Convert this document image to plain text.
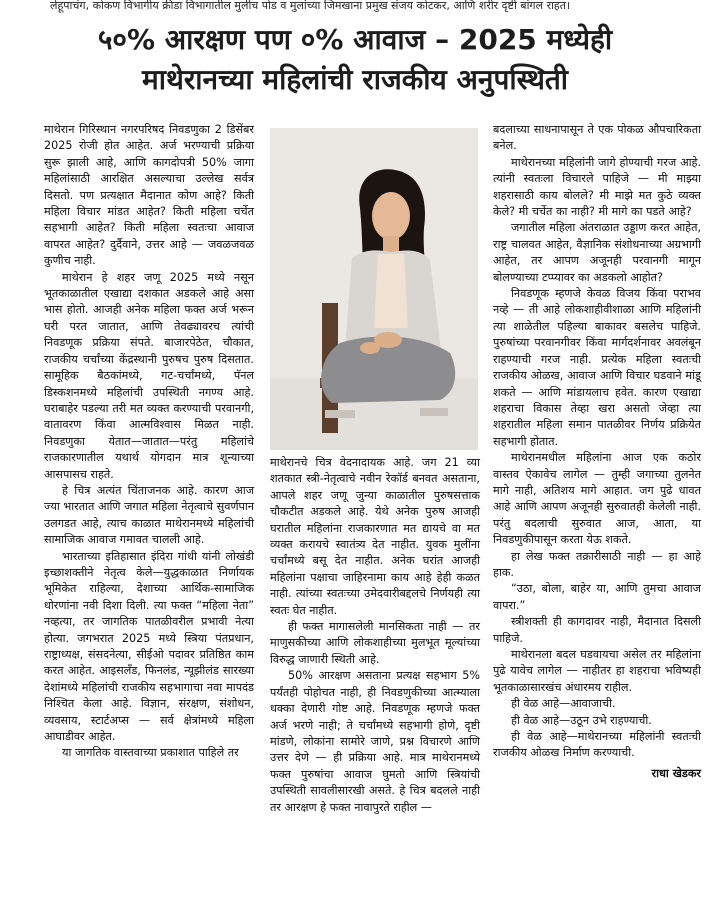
लेहूपाचंग, कोकण विभागीय क्रीडा विभागातील मुलीच पोड व मुलांच्या जिमखाना प्रमुख संजय कोटकर, आणि शरीर दृष्टी बांगल राहत।
५०% आरक्षण पण ०% आवाज – 2025 मध्येही
माथेरानच्या महिलांची राजकीय अनुपस्थिती

माथेरान गिरिस्थान नगरपरिषद निवडणुका 2 डिसेंबर 2025 रोजी होत आहेत. अर्ज भरण्याची प्रक्रिया सुरू झाली आहे, आणि कागदोपत्री 50% जागा महिलांसाठी आरक्षित असल्याचा उल्लेख सर्वत्र दिसतो. पण प्रत्यक्षात मैदानात कोण आहे? किती महिला विचार मांडत आहेत? किती महिला चर्चेत सहभागी आहेत? किती महिला स्वतःचा आवाज वापरत आहेत? दुर्दैवाने, उत्तर आहे — जवळजवळ कुणीच नाही.

माथेरान हे शहर जणू 2025 मध्ये नसून भूतकाळातील एखाद्या दशकात अडकले आहे असा भास होतो. आजही अनेक महिला फक्त अर्ज भरून घरी परत जातात, आणि तेवढ्यावरच त्यांची निवडणूक प्रक्रिया संपते. बाजारपेठेत, चौकात, राजकीय चर्चांच्या केंद्रस्थानी पुरुषच पुरुष दिसतात. सामूहिक बैठकांमध्ये, गट-चर्चांमध्ये, पॅनल डिस्कशनमध्ये महिलांची उपस्थिती नगण्य आहे. घराबाहेर पडल्या तरी मत व्यक्त करण्याची परवानगी, वातावरण किंवा आत्मविश्वास मिळत नाही. निवडणुका येतात—जातात—परंतु महिलांचे राजकारणातील यथार्थ योगदान मात्र शून्याच्या आसपासच राहते.

हे चित्र अत्यंत चिंताजनक आहे. कारण आज ज्या भारतात आणि जगात महिला नेतृत्वाचे सुवर्णपान उलगडत आहे, त्याच काळात माथेरानमध्ये महिलांची सामाजिक आवाज गमावत चालली आहे.

भारताच्या इतिहासात इंदिरा गांधी यांनी लोखंडी इच्छाशक्तीने नेतृत्व केले—युद्धकाळात निर्णायक भूमिकेत राहिल्या, देशाच्या आर्थिक-सामाजिक धोरणांना नवी दिशा दिली. त्या फक्त “महिला नेता” नव्हत्या, तर जागतिक पातळीवरील प्रभावी नेत्या होत्या. जगभरात 2025 मध्ये स्त्रिया पंतप्रधान, राष्ट्राध्यक्ष, संसदनेत्या, सीईओ पदावर प्रतिष्ठित काम करत आहेत. आइसलँड, फिनलंड, न्यूझीलंड सारख्या देशांमध्ये महिलांची राजकीय सहभागाचा नवा मापदंड निश्चित केला आहे. विज्ञान, संरक्षण, संशोधन, व्यवसाय, स्टार्टअप्स — सर्व क्षेत्रांमध्ये महिला आघाडीवर आहेत.

या जागतिक वास्तवाच्या प्रकाशात पाहिले तर

माथेरानचे चित्र वेदनादायक आहे. जग 21 व्या शतकात स्त्री-नेतृत्वाचे नवीन रेकॉर्ड बनवत असताना, आपले शहर जणू जुन्या काळातील पुरुषसत्ताक चौकटीत अडकले आहे. येथे अनेक पुरुष आजही घरातील महिलांना राजकारणात मत द्यायचे वा मत व्यक्त करायचे स्वातंत्र्य देत नाहीत. युवक मुलींना चर्चांमध्ये बसू देत नाहीत. अनेक घरांत आजही महिलांना पक्षाचा जाहिरनामा काय आहे हेही कळत नाही. त्यांच्या स्वतःच्या उमेदवारीबद्दलचे निर्णयही त्या स्वतः घेत नाहीत.

ही फक्त मागासलेली मानसिकता नाही — तर माणुसकीच्या आणि लोकशाहीच्या मुलभूत मूल्यांच्या विरुद्ध जाणारी स्थिती आहे.

50% आरक्षण असताना प्रत्यक्ष सहभाग 5% पर्यंतही पोहोचत नाही, ही निवडणुकीच्या आत्म्याला धक्का देणारी गोष्ट आहे. निवडणूक म्हणजे फक्त अर्ज भरणे नाही; ते चर्चांमध्ये सहभागी होणे, दृष्टी मांडणे, लोकांना सामोरे जाणे, प्रश्न विचारणे आणि उत्तर देणे — ही प्रक्रिया आहे. मात्र माथेरानमध्ये फक्त पुरुषांचा आवाज घुमतो आणि स्त्रियांची उपस्थिती सावलीसारखी असते. हे चित्र बदलले नाही तर आरक्षण हे फक्त नावापुरते राहील —

बदलाच्या साधनापासून ते एक पोकळ औपचारिकता बनेल.

माथेरानच्या महिलांनी जागे होण्याची गरज आहे. त्यांनी स्वतःला विचारले पाहिजे — मी माझ्या शहरासाठी काय बोलले? मी माझे मत कुठे व्यक्त केले? मी चर्चेत का नाही? मी मागे का पडते आहे?

जगातील महिला अंतराळात उड्डाण करत आहेत, राष्ट्र चालवत आहेत, वैज्ञानिक संशोधनाच्या अग्रभागी आहेत, तर आपण अजूनही परवानगी मागून बोलण्याच्या टप्प्यावर का अडकलो आहोत?

निवडणूक म्हणजे केवळ विजय किंवा पराभव नव्हे — ती आहे लोकशाहीवीशाळा आणि महिलांनी त्या शाळेतील पहिल्या बाकावर बसलेच पाहिजे. पुरुषांच्या परवानगीवर किंवा मार्गदर्शनावर अवलंबून राहण्याची गरज नाही. प्रत्येक महिला स्वतःची राजकीय ओळख, आवाज आणि विचार घडवाने मांडू शकते — आणि मांडायलाच हवेत. कारण एखाद्या शहराचा विकास तेव्हा खरा असतो जेव्हा त्या शहरातील महिला समान पातळीवर निर्णय प्रक्रियेत सहभागी होतात.

माथेरानमधील महिलांना आज एक कठोर वास्तव ऐकावेच लागेल — तुम्ही जगाच्या तुलनेत मागे नाही, अतिशय मागे आहात. जग पुढे धावत आहे आणि आपण अजूनही सुरुवातही केलेली नाही. परंतु बदलाची सुरुवात आज, आता, या निवडणुकीपासून करता येऊ शकते.

हा लेख फक्त तक्रारीसाठी नाही — हा आहे हाक.

“उठा, बोला, बाहेर या, आणि तुमचा आवाज वापरा.”

स्त्रीशक्ती ही कागदावर नाही, मैदानात दिसली पाहिजे.

माथेरानला बदल घडवायचा असेल तर महिलांना पुढे यावेच लागेल — नाहीतर हा शहराचा भविष्यही भूतकाळासारखंच अंधारमय राहील.

ही वेळ आहे—आवाजाची.

ही वेळ आहे—उठून उभे राहण्याची.

ही वेळ आहे—माथेरानच्या महिलांनी स्वतःची राजकीय ओळख निर्माण करण्याची.

राधा खेडकर
